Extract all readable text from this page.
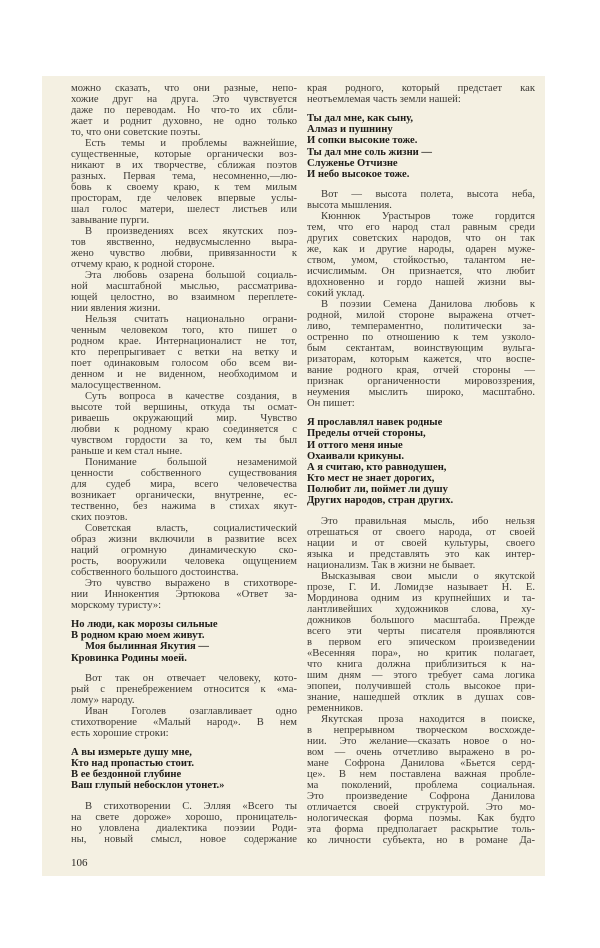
можно сказать, что они разные, непо-
хожие друг на друга. Это чувствуется
даже по переводам. Но что-то их сбли-
жает и роднит духовно, не одно только
то, что они советские поэты.
Есть темы и проблемы важнейшие,
существенные, которые органически воз-
никают в их творчестве, сближая поэтов
разных. Первая тема, несомненно,—лю-
бовь к своему краю, к тем милым
просторам, где человек впервые услы-
шал голос матери, шелест листьев или
завывание пурги.
В произведениях всех якутских поэ-
тов явственно, недвусмысленно выра-
жено чувство любви, привязанности к
отчему краю, к родной стороне.
Эта любовь озарена большой социаль-
ной масштабной мыслью, рассматрива-
ющей целостно, во взаимном переплете-
нии явления жизни.
Нельзя считать национально ограни-
ченным человеком того, кто пишет о
родном крае. Интернационалист не тот,
кто перепрыгивает с ветки на ветку и
поет одинаковым голосом обо всем ви-
денном и не виденном, необходимом и
малосущественном.
Суть вопроса в качестве создания, в
высоте той вершины, откуда ты осмат-
риваешь окружающий мир. Чувство
любви к родному краю соединяется с
чувством гордости за то, кем ты был
раньше и кем стал ныне.
Понимание большой незаменимой
ценности собственного существования
для судеб мира, всего человечества
возникает органически, внутренне, ес-
тественно, без нажима в стихах якут-
ских поэтов.
Советская власть, социалистический
образ жизни включили в развитие всех
наций огромную динамическую ско-
рость, вооружили человека ощущением
собственного большого достоинства.
Это чувство выражено в стихотворе-
нии Иннокентия Эртюкова «Ответ за-
морскому туристу»:
Но люди, как морозы сильные
В родном краю моем живут.
Моя былинная Якутия —
Кровинка Родины моей.
Вот так он отвечает человеку, кото-
рый с пренебрежением относится к «ма-
лому» народу.
Иван Гоголев озаглавливает одно
стихотворение «Малый народ». В нем
есть хорошие строки:
А вы измерьте душу мне,
Кто над пропастью стоит.
В ее бездонной глубине
Ваш глупый небосклон утонет.»
В стихотворении С. Элляя «Всего ты
на свете дороже» хорошо, проницатель-
но уловлена диалектика поэзии Роди-
ны, новый смысл, новое содержание
края родного, который предстает как
неотъемлемая часть земли нашей:
Ты дал мне, как сыну,
Алмаз и пушнину
И сопки высокие тоже.
Ты дал мне соль жизни —
Служенье Отчизне
И небо высокое тоже.
Вот — высота полета, высота неба,
высота мышления.
Кюннюк Урастыров тоже гордится
тем, что его народ стал равным среди
других советских народов, что он так
же, как и другие народы, одарен муже-
ством, умом, стойкостью, талантом не-
исчислимым. Он признается, что любит
вдохновенно и гордо нашей жизни вы-
сокий уклад.
В поэзии Семена Данилова любовь к
родной, милой стороне выражена отчет-
ливо, темпераментно, политически за-
остренно по отношению к тем узколо-
бым сектантам, воинствующим вульга-
ризаторам, которым кажется, что воспе-
вание родного края, отчей стороны —
признак органиченности мировоззрения,
неумения мыслить широко, масштабно.
Он пишет:
Я прославлял навек родные
Пределы отчей стороны,
И оттого меня иные
Охаивали крикуны.
А я считаю, кто равнодушен,
Кто мест не знает дорогих,
Полюбит ли, поймет ли душу
Других народов, стран других.
Это правильная мысль, ибо нельзя
отрешаться от своего народа, от своей
нации и от своей культуры, своего
языка и представлять это как интер-
национализм. Так в жизни не бывает.
Высказывая свои мысли о якутской
прозе, Г. И. Ломидзе называет Н. Е.
Мординова одним из крупнейших и та-
лантливейших художников слова, ху-
дожников большого масштаба. Прежде
всего эти черты писателя проявляются
в первом его эпическом произведении
«Весенняя пора», но критик полагает,
что книга должна приблизиться к на-
шим дням — этого требует сама логика
эпопеи, получившей столь высокое при-
знание, нашедшей отклик в душах сов-
ременников.
Якутская проза находится в поиске,
в непрерывном творческом восхожде-
нии. Это желание—сказать новое о но-
вом — очень отчетливо выражено в ро-
мане Софрона Данилова «Бьется серд-
це». В нем поставлена важная пробле-
ма поколений, проблема социальная.
Это произведение Софрона Данилова
отличается своей структурой. Это мо-
нологическая форма поэмы. Как будто
эта форма предполагает раскрытие толь-
ко личности субъекта, но в романе Да-
106
